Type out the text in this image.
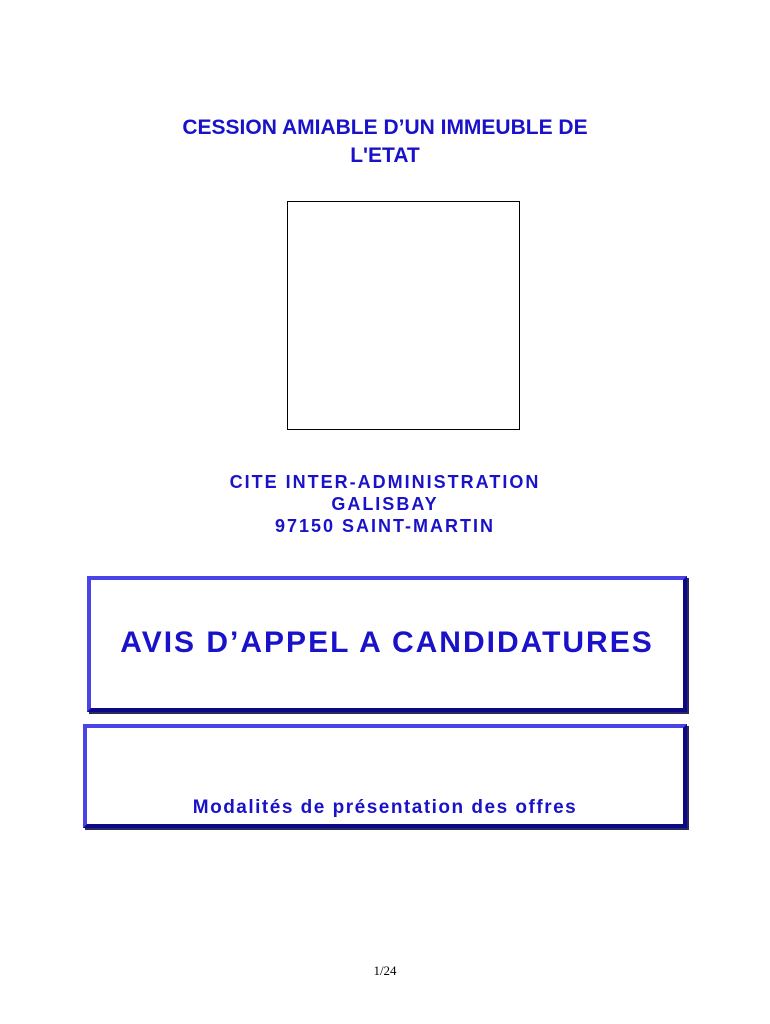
CESSION AMIABLE D’UN IMMEUBLE DE
L'ETAT
CITE INTER-ADMINISTRATION
GALISBAY
97150 SAINT-MARTIN
AVIS D’APPEL A CANDIDATURES
Modalités de présentation des offres
1/24
